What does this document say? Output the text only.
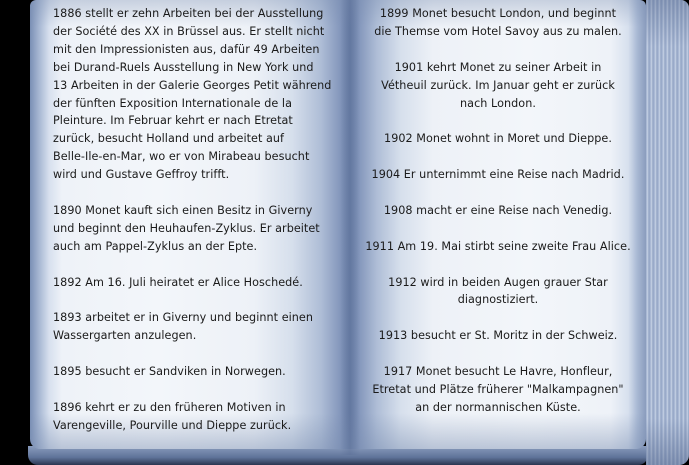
1886 stellt er zehn Arbeiten bei der Ausstellung
der Société des XX in Brüssel aus. Er stellt nicht
mit den Impressionisten aus, dafür 49 Arbeiten
bei Durand-Ruels Ausstellung in New York und
13 Arbeiten in der Galerie Georges Petit während
der fünften Exposition Internationale de la
Pleinture. Im Februar kehrt er nach Etretat
zurück, besucht Holland und arbeitet auf
Belle-Ile-en-Mar, wo er von Mirabeau besucht
wird und Gustave Geffroy trifft.

1890 Monet kauft sich einen Besitz in Giverny
und beginnt den Heuhaufen-Zyklus. Er arbeitet
auch am Pappel-Zyklus an der Epte.

1892 Am 16. Juli heiratet er Alice Hoschedé.

1893 arbeitet er in Giverny und beginnt einen
Wassergarten anzulegen.

1895 besucht er Sandviken in Norwegen.

1896 kehrt er zu den früheren Motiven in
Varengeville, Pourville und Dieppe zurück.

1899 Monet besucht London, und beginnt
die Themse vom Hotel Savoy aus zu malen.

1901 kehrt Monet zu seiner Arbeit in
Vétheuil zurück. Im Januar geht er zurück
nach London.

1902 Monet wohnt in Moret und Dieppe.

1904 Er unternimmt eine Reise nach Madrid.

1908 macht er eine Reise nach Venedig.

1911 Am 19. Mai stirbt seine zweite Frau Alice.

1912 wird in beiden Augen grauer Star
diagnostiziert.

1913 besucht er St. Moritz in der Schweiz.

1917 Monet besucht Le Havre, Honfleur,
Etretat und Plätze früherer "Malkampagnen"
an der normannischen Küste.
